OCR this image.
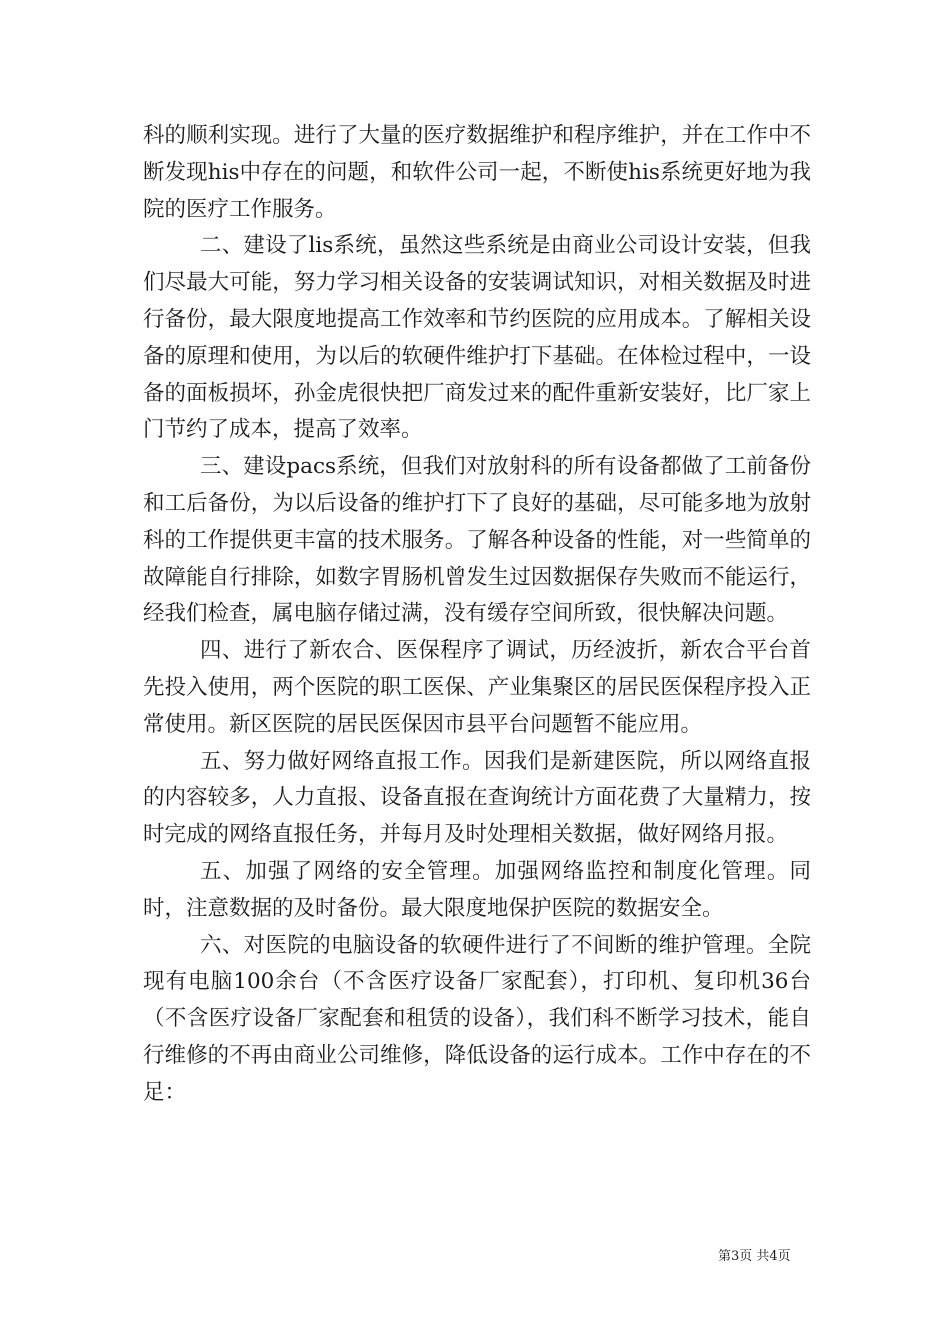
科的顺利实现。进行了大量的医疗数据维护和程序维护，并在工作中不断发现his中存在的问题，和软件公司一起，不断使his系统更好地为我院的医疗工作服务。

二、建设了lis系统，虽然这些系统是由商业公司设计安装，但我们尽最大可能，努力学习相关设备的安装调试知识，对相关数据及时进行备份，最大限度地提高工作效率和节约医院的应用成本。了解相关设备的原理和使用，为以后的软硬件维护打下基础。在体检过程中，一设备的面板损坏，孙金虎很快把厂商发过来的配件重新安装好，比厂家上门节约了成本，提高了效率。

三、建设pacs系统，但我们对放射科的所有设备都做了工前备份和工后备份，为以后设备的维护打下了良好的基础，尽可能多地为放射科的工作提供更丰富的技术服务。了解各种设备的性能，对一些简单的故障能自行排除，如数字胃肠机曾发生过因数据保存失败而不能运行，经我们检查，属电脑存储过满，没有缓存空间所致，很快解决问题。

四、进行了新农合、医保程序了调试，历经波折，新农合平台首先投入使用，两个医院的职工医保、产业集聚区的居民医保程序投入正常使用。新区医院的居民医保因市县平台问题暂不能应用。

五、努力做好网络直报工作。因我们是新建医院，所以网络直报的内容较多，人力直报、设备直报在查询统计方面花费了大量精力，按时完成的网络直报任务，并每月及时处理相关数据，做好网络月报。

五、加强了网络的安全管理。加强网络监控和制度化管理。同时，注意数据的及时备份。最大限度地保护医院的数据安全。

六、对医院的电脑设备的软硬件进行了不间断的维护管理。全院现有电脑100余台（不含医疗设备厂家配套），打印机、复印机36台（不含医疗设备厂家配套和租赁的设备），我们科不断学习技术，能自行维修的不再由商业公司维修，降低设备的运行成本。工作中存在的不足：

第3页 共4页
